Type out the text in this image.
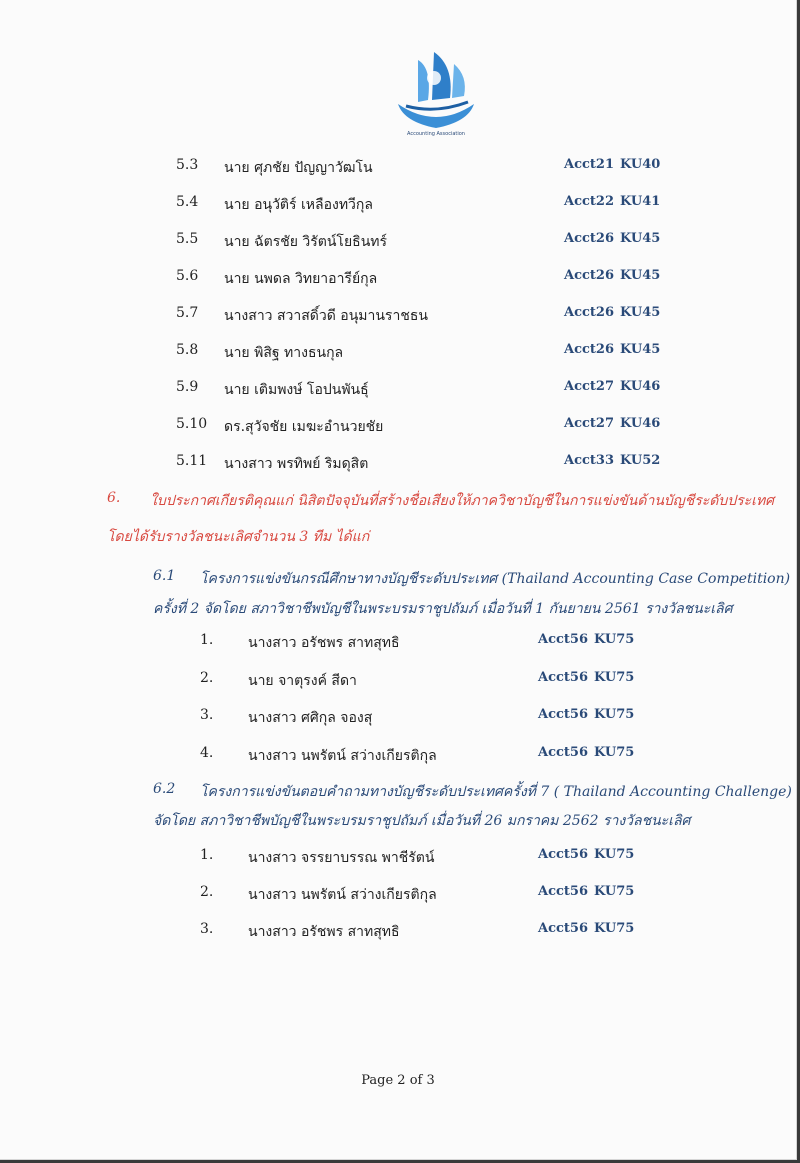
Accounting Association
5.3 นาย ศุภชัย ปัญญาวัฒโน	Acct21 KU40
5.4 นาย อนุวัติร์ เหลืองทวีกุล	Acct22 KU41
5.5 นาย ฉัตรชัย วิรัตน์โยธินทร์	Acct26 KU45
5.6 นาย นพดล วิทยาอารีย์กุล	Acct26 KU45
5.7 นางสาว สวาสดิ์วดี อนุมานราชธน	Acct26 KU45
5.8 นาย พิสิฐ ทางธนกุล	Acct26 KU45
5.9 นาย เติมพงษ์ โอปนพันธุ์	Acct27 KU46
5.10 ดร.สุวัจชัย เมฆะอำนวยชัย	Acct27 KU46
5.11 นางสาว พรทิพย์ ริมดุสิต	Acct33 KU52
6. ใบประกาศเกียรติคุณแก่ นิสิตปัจจุบันที่สร้างชื่อเสียงให้ภาควิชาบัญชีในการแข่งขันด้านบัญชีระดับประเทศ
โดยได้รับรางวัลชนะเลิศจำนวน 3 ทีม ได้แก่
6.1 โครงการแข่งขันกรณีศึกษาทางบัญชีระดับประเทศ (Thailand Accounting Case Competition)
ครั้งที่ 2 จัดโดย สภาวิชาชีพบัญชีในพระบรมราชูปถัมภ์ เมื่อวันที่ 1 กันยายน 2561 รางวัลชนะเลิศ
1. นางสาว อรัชพร สาทสุทธิ	Acct56 KU75
2. นาย จาตุรงค์ สีดา	Acct56 KU75
3. นางสาว ศศิกุล จองสุ	Acct56 KU75
4. นางสาว นพรัตน์ สว่างเกียรติกุล	Acct56 KU75
6.2 โครงการแข่งขันตอบคำถามทางบัญชีระดับประเทศครั้งที่ 7 ( Thailand Accounting Challenge)
จัดโดย สภาวิชาชีพบัญชีในพระบรมราชูปถัมภ์ เมื่อวันที่ 26 มกราคม 2562 รางวัลชนะเลิศ
1. นางสาว จรรยาบรรณ พาชีรัตน์	Acct56 KU75
2. นางสาว นพรัตน์ สว่างเกียรติกุล	Acct56 KU75
3. นางสาว อรัชพร สาทสุทธิ	Acct56 KU75
Page 2 of 3
